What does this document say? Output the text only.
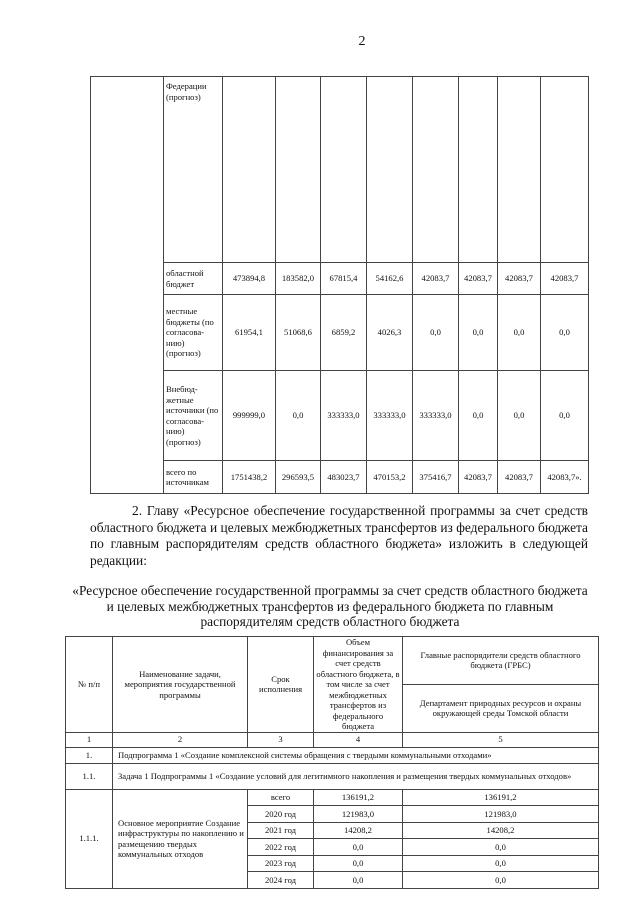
2
	Федерации (прогноз)								
	областной бюджет	473894,8	183582,0	67815,4	54162,6	42083,7	42083,7	42083,7	42083,7
	местные бюджеты (по согласова-нию) (прогноз)	61954,1	51068,6	6859,2	4026,3	0,0	0,0	0,0	0,0
	Внебюд-жетные источники (по согласова-нию) (прогноз)	999999,0	0,0	333333,0	333333,0	333333,0	0,0	0,0	0,0
	всего по источникам	1751438,2	296593,5	483023,7	470153,2	375416,7	42083,7	42083,7	42083,7».
2. Главу «Ресурсное обеспечение государственной программы за счет средств областного бюджета и целевых межбюджетных трансфертов из федерального бюджета по главным распорядителям средств областного бюджета» изложить в следующей редакции:
«Ресурсное обеспечение государственной программы за счет средств областного бюджета и целевых межбюджетных трансфертов из федерального бюджета по главным распорядителям средств областного бюджета
№ п/п	Наименование задачи, мероприятия государственной программы	Срок исполнения	Объем финансирования за счет средств областного бюджета, в том числе за счет межбюджетных трансфертов из федерального бюджета	Главные распорядители средств областного бюджета (ГРБС)
				Департамент природных ресурсов и охраны окружающей среды Томской области
1	2	3	4	5
1.	Подпрограмма 1 «Создание комплексной системы обращения с твердыми коммунальными отходами»			
1.1.	Задача 1 Подпрограммы 1 «Создание условий для легитимного накопления и размещения твердых коммунальных отходов»			
1.1.1.	Основное мероприятие Создание инфраструктуры по накоплению и размещению твердых коммунальных отходов	всего	136191,2	136191,2
		2020 год	121983,0	121983,0
		2021 год	14208,2	14208,2
		2022 год	0,0	0,0
		2023 год	0,0	0,0
		2024 год	0,0	0,0
